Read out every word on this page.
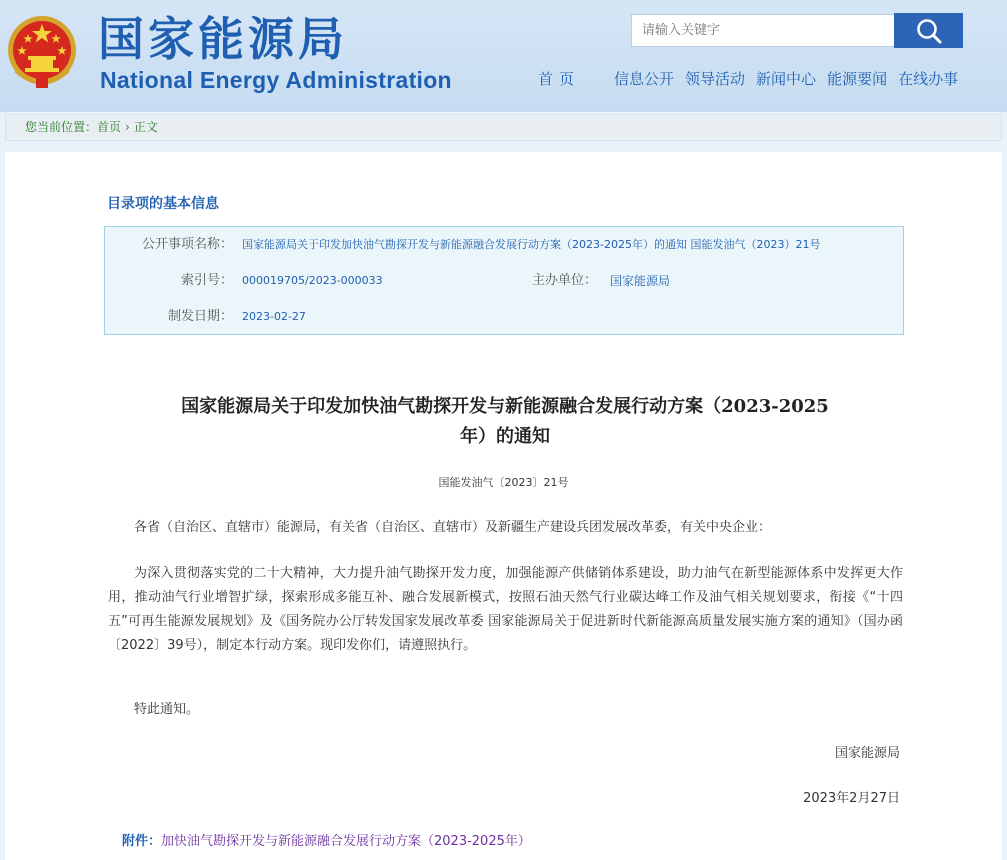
国家能源局
National Energy Administration
请输入关键字	首页 信息公开 领导活动 新闻中心 能源要闻 在线办事
您当前位置：首页 › 正文
目录项的基本信息
公开事项名称： 国家能源局关于印发加快油气勘探开发与新能源融合发展行动方案（2023-2025年）的通知 国能发油气（2023）21号
索引号： 000019705/2023-000033	主办单位： 国家能源局
制发日期： 2023-02-27
国家能源局关于印发加快油气勘探开发与新能源融合发展行动方案（2023-2025
年）的通知
国能发油气〔2023〕21号

各省（自治区、直辖市）能源局，有关省（自治区、直辖市）及新疆生产建设兵团发展改革委，有关中央企业：

为深入贯彻落实党的二十大精神，大力提升油气勘探开发力度，加强能源产供储销体系建设，助力油气在新型能源体系中发挥更大作用，推动油气行业增智扩绿，探索形成多能互补、融合发展新模式，按照石油天然气行业碳达峰工作及油气相关规划要求，衔接《“十四五”可再生能源发展规划》及《国务院办公厅转发国家发展改革委 国家能源局关于促进新时代新能源高质量发展实施方案的通知》（国办函〔2022〕39号），制定本行动方案。现印发你们，请遵照执行。

特此通知。

国家能源局
2023年2月27日
附件：加快油气勘探开发与新能源融合发展行动方案（2023-2025年）
